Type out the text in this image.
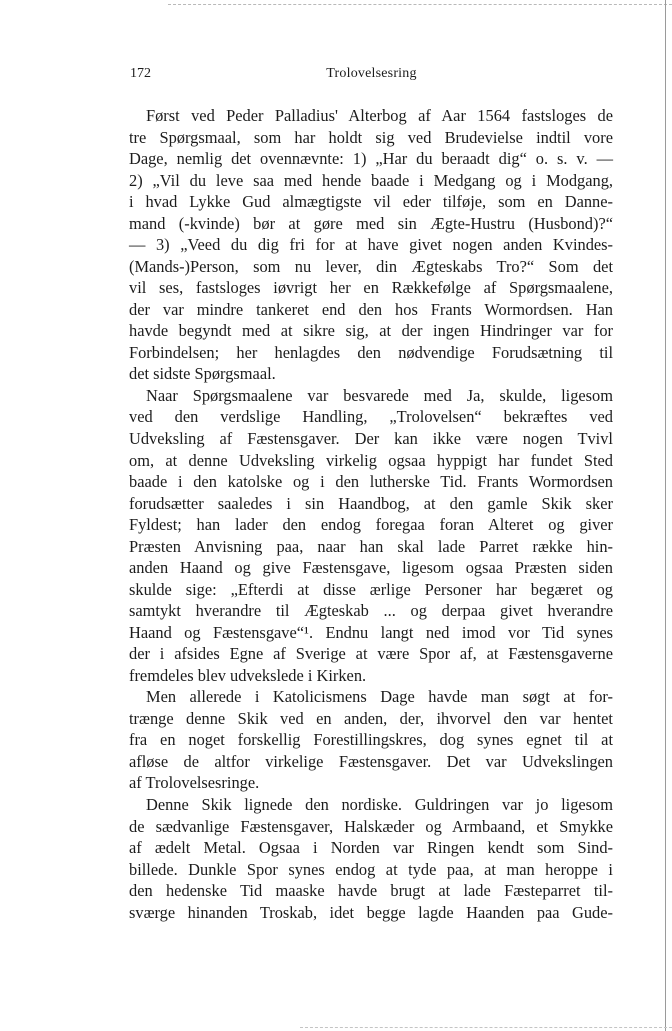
172	Trolovelsesring
Først ved Peder Palladius' Alterbog af Aar 1564 fastsloges de
tre Spørgsmaal, som har holdt sig ved Brudevielse indtil vore
Dage, nemlig det ovennævnte: 1) „Har du beraadt dig“ o. s. v. —
2) „Vil du leve saa med hende baade i Medgang og i Modgang,
i hvad Lykke Gud almægtigste vil eder tilføje, som en Danne-
mand (-kvinde) bør at gøre med sin Ægte-Hustru (Husbond)?“
— 3) „Veed du dig fri for at have givet nogen anden Kvindes-
(Mands-)Person, som nu lever, din Ægteskabs Tro?“ Som det
vil ses, fastsloges iøvrigt her en Rækkefølge af Spørgsmaalene,
der var mindre tankeret end den hos Frants Wormordsen. Han
havde begyndt med at sikre sig, at der ingen Hindringer var for
Forbindelsen; her henlagdes den nødvendige Forudsætning til
det sidste Spørgsmaal.
Naar Spørgsmaalene var besvarede med Ja, skulde, ligesom
ved den verdslige Handling, „Trolovelsen“ bekræftes ved
Udveksling af Fæstensgaver. Der kan ikke være nogen Tvivl
om, at denne Udveksling virkelig ogsaa hyppigt har fundet Sted
baade i den katolske og i den lutherske Tid. Frants Wormordsen
forudsætter saaledes i sin Haandbog, at den gamle Skik sker
Fyldest; han lader den endog foregaa foran Alteret og giver
Præsten Anvisning paa, naar han skal lade Parret række hin-
anden Haand og give Fæstensgave, ligesom ogsaa Præsten siden
skulde sige: „Efterdi at disse ærlige Personer har begæret og
samtykt hverandre til Ægteskab ... og derpaa givet hverandre
Haand og Fæstensgave“¹. Endnu langt ned imod vor Tid synes
der i afsides Egne af Sverige at være Spor af, at Fæstensgaverne
fremdeles blev udvekslede i Kirken.
Men allerede i Katolicismens Dage havde man søgt at for-
trænge denne Skik ved en anden, der, ihvorvel den var hentet
fra en noget forskellig Forestillingskres, dog synes egnet til at
afløse de altfor virkelige Fæstensgaver. Det var Udvekslingen
af Trolovelsesringe.
Denne Skik lignede den nordiske. Guldringen var jo ligesom
de sædvanlige Fæstensgaver, Halskæder og Armbaand, et Smykke
af ædelt Metal. Ogsaa i Norden var Ringen kendt som Sind-
billede. Dunkle Spor synes endog at tyde paa, at man heroppe i
den hedenske Tid maaske havde brugt at lade Fæsteparret til-
sværge hinanden Troskab, idet begge lagde Haanden paa Gude-
